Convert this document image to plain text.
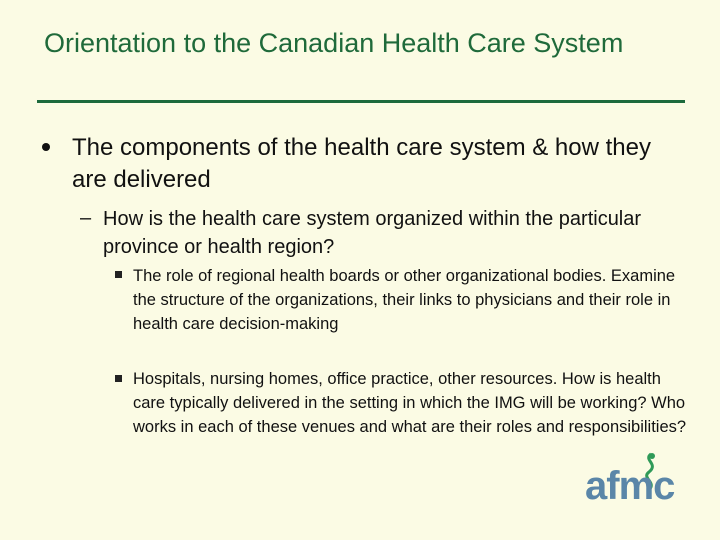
Orientation to the Canadian Health Care System
The components of the health care system & how they are delivered
– How is the health care system organized within the particular province or health region?
The role of regional health boards or other organizational bodies. Examine the structure of the organizations, their links to physicians and their role in health care decision-making
Hospitals, nursing homes, office practice, other resources. How is health care typically delivered in the setting in which the IMG will be working? Who works in each of these venues and what are their roles and responsibilities?
afmc
